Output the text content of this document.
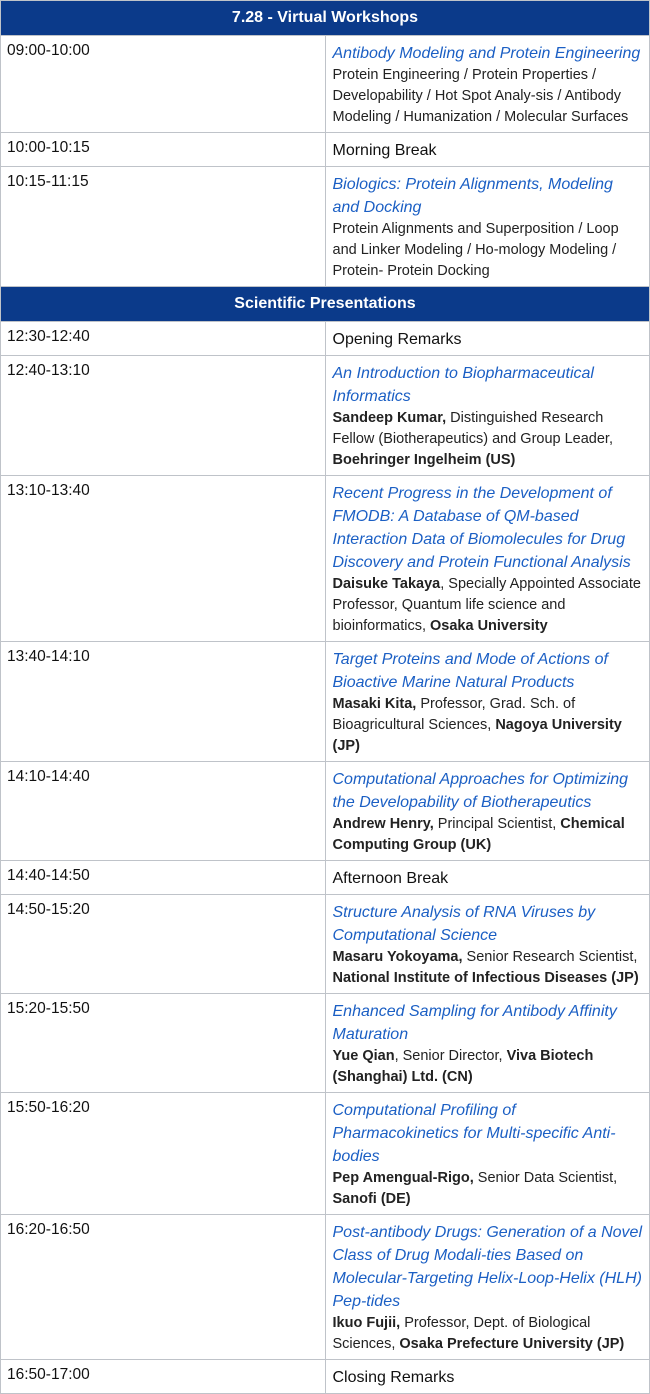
7.28 - Virtual Workshops	
09:00-10:00	Antibody Modeling and Protein Engineering
Protein Engineering / Protein Properties / Developability / Hot Spot Analy-sis / Antibody Modeling / Humanization / Molecular Surfaces

10:00-10:15	Morning Break

10:15-11:15	Biologics: Protein Alignments, Modeling and Docking
Protein Alignments and Superposition / Loop and Linker Modeling / Ho-mology Modeling / Protein- Protein Docking

Scientific Presentations	
12:30-12:40	Opening Remarks

12:40-13:10	An Introduction to Biopharmaceutical Informatics
Sandeep Kumar, Distinguished Research Fellow (Biotherapeutics) and Group Leader, Boehringer Ingelheim (US)

13:10-13:40	Recent Progress in the Development of FMODB: A Database of QM-based Interaction Data of Biomolecules for Drug Discovery and Protein Functional Analysis
Daisuke Takaya, Specially Appointed Associate Professor, Quantum life science and bioinformatics, Osaka University

13:40-14:10	Target Proteins and Mode of Actions of Bioactive Marine Natural Products
Masaki Kita, Professor, Grad. Sch. of Bioagricultural Sciences, Nagoya University (JP)

14:10-14:40	Computational Approaches for Optimizing the Developability of Biotherapeutics
Andrew Henry, Principal Scientist, Chemical Computing Group (UK)

14:40-14:50	Afternoon Break

14:50-15:20	Structure Analysis of RNA Viruses by Computational Science
Masaru Yokoyama, Senior Research Scientist, National Institute of Infectious Diseases (JP)

15:20-15:50	Enhanced Sampling for Antibody Affinity Maturation
Yue Qian, Senior Director, Viva Biotech (Shanghai) Ltd. (CN)

15:50-16:20	Computational Profiling of Pharmacokinetics for Multi-specific Anti-bodies
Pep Amengual-Rigo, Senior Data Scientist, Sanofi (DE)

16:20-16:50	Post-antibody Drugs: Generation of a Novel Class of Drug Modali-ties Based on Molecular-Targeting Helix-Loop-Helix (HLH) Pep-tides
Ikuo Fujii, Professor, Dept. of Biological Sciences, Osaka Prefecture University (JP)

16:50-17:00	Closing Remarks
